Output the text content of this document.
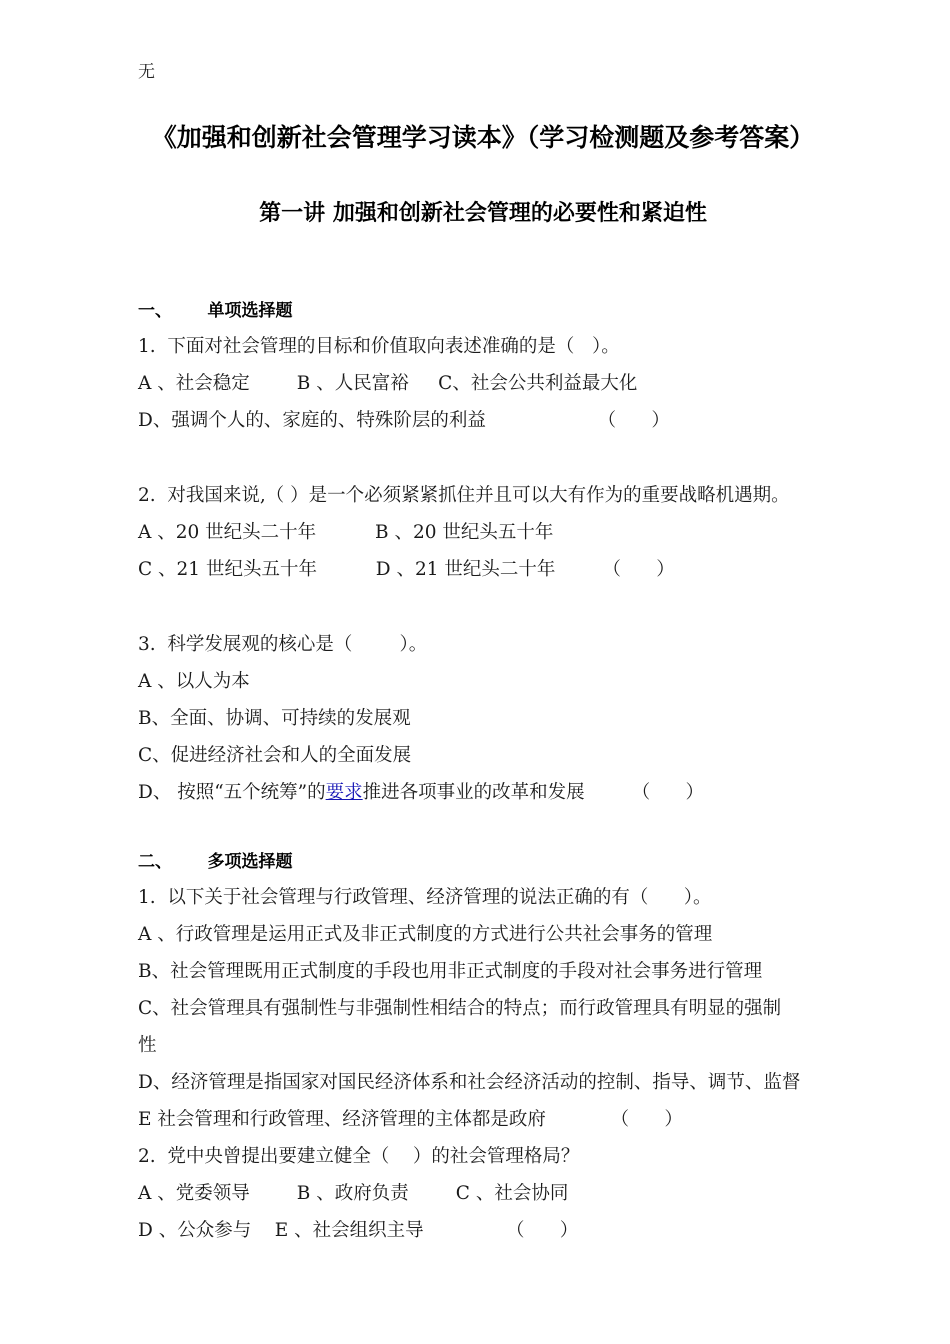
无
《加强和创新社会管理学习读本》（学习检测题及参考答案）
第一讲 加强和创新社会管理的必要性和紧迫性

一、      单项选择题

1.  下面对社会管理的目标和价值取向表述准确的是（   ）。

A 、社会稳定        B 、人民富裕     C、社会公共利益最大化

D、强调个人的、家庭的、特殊阶层的利益                   （      ）

2.  对我国来说,（ ）是一个必须紧紧抓住并且可以大有作为的重要战略机遇期。

A 、20 世纪头二十年          B 、20 世纪头五十年

C 、21 世纪头五十年          D 、21 世纪头二十年        （      ）

3.  科学发展观的核心是（        ）。

A 、以人为本

B、全面、协调、可持续的发展观

C、促进经济社会和人的全面发展

D、 按照“五个统筹”的要求推进各项事业的改革和发展        （      ）

二、      多项选择题

1.  以下关于社会管理与行政管理、经济管理的说法正确的有（      ）。

A 、行政管理是运用正式及非正式制度的方式进行公共社会事务的管理

B、社会管理既用正式制度的手段也用非正式制度的手段对社会事务进行管理

C、社会管理具有强制性与非强制性相结合的特点；而行政管理具有明显的强制

性

D、经济管理是指国家对国民经济体系和社会经济活动的控制、指导、调节、监督

E 社会管理和行政管理、经济管理的主体都是政府           （      ）

2.  党中央曾提出要建立健全（    ）的社会管理格局？

A 、党委领导        B 、政府负责        C 、社会协同

D 、公众参与    E 、社会组织主导              （      ）
